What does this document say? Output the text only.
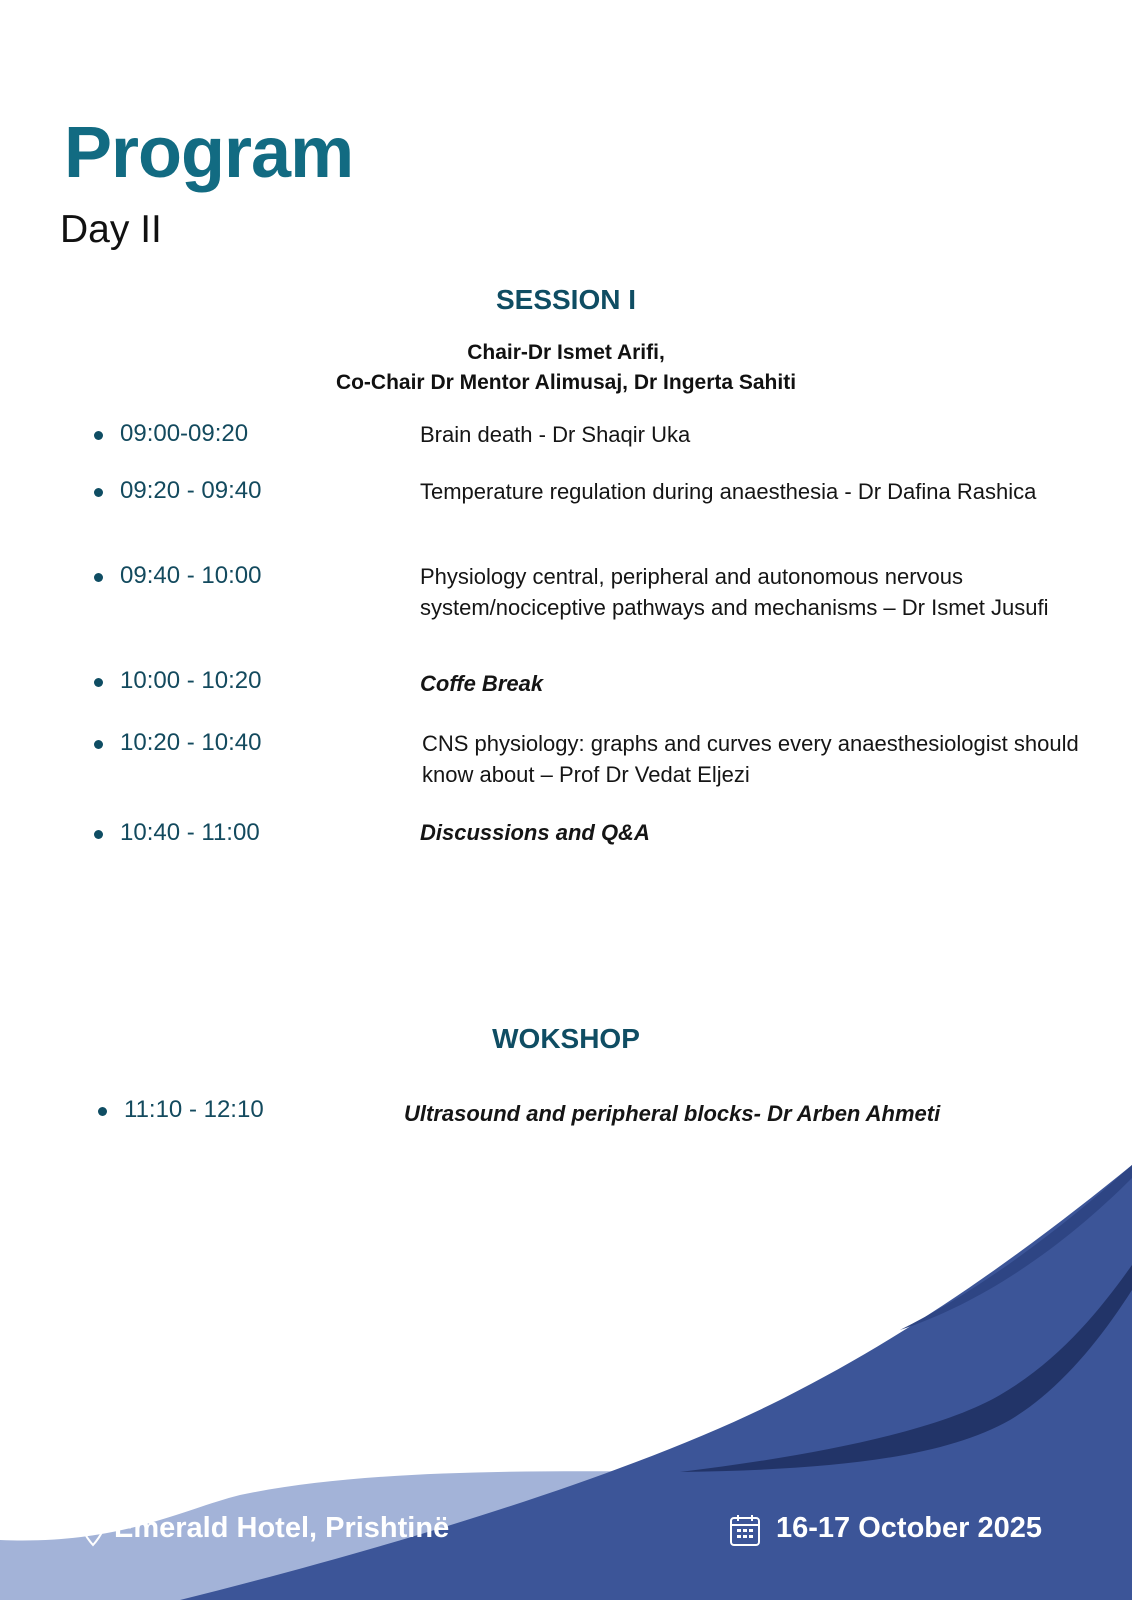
Program
Day II
SESSION I
Chair-Dr Ismet Arifi,
Co-Chair Dr Mentor Alimusaj, Dr Ingerta Sahiti
09:00-09:20	Brain death - Dr Shaqir Uka
09:20 - 09:40	Temperature regulation during anaesthesia - Dr Dafina Rashica
09:40 - 10:00	Physiology central, peripheral and autonomous nervous system/nociceptive pathways and mechanisms – Dr Ismet Jusufi
10:00 - 10:20	Coffe Break
10:20 - 10:40	CNS physiology: graphs and curves every anaesthesiologist should know about – Prof Dr Vedat Eljezi
10:40 - 11:00	Discussions and Q&A
WOKSHOP
11:10 - 12:10	Ultrasound and peripheral blocks- Dr Arben Ahmeti
Emerald Hotel, Prishtinë	16-17 October 2025
